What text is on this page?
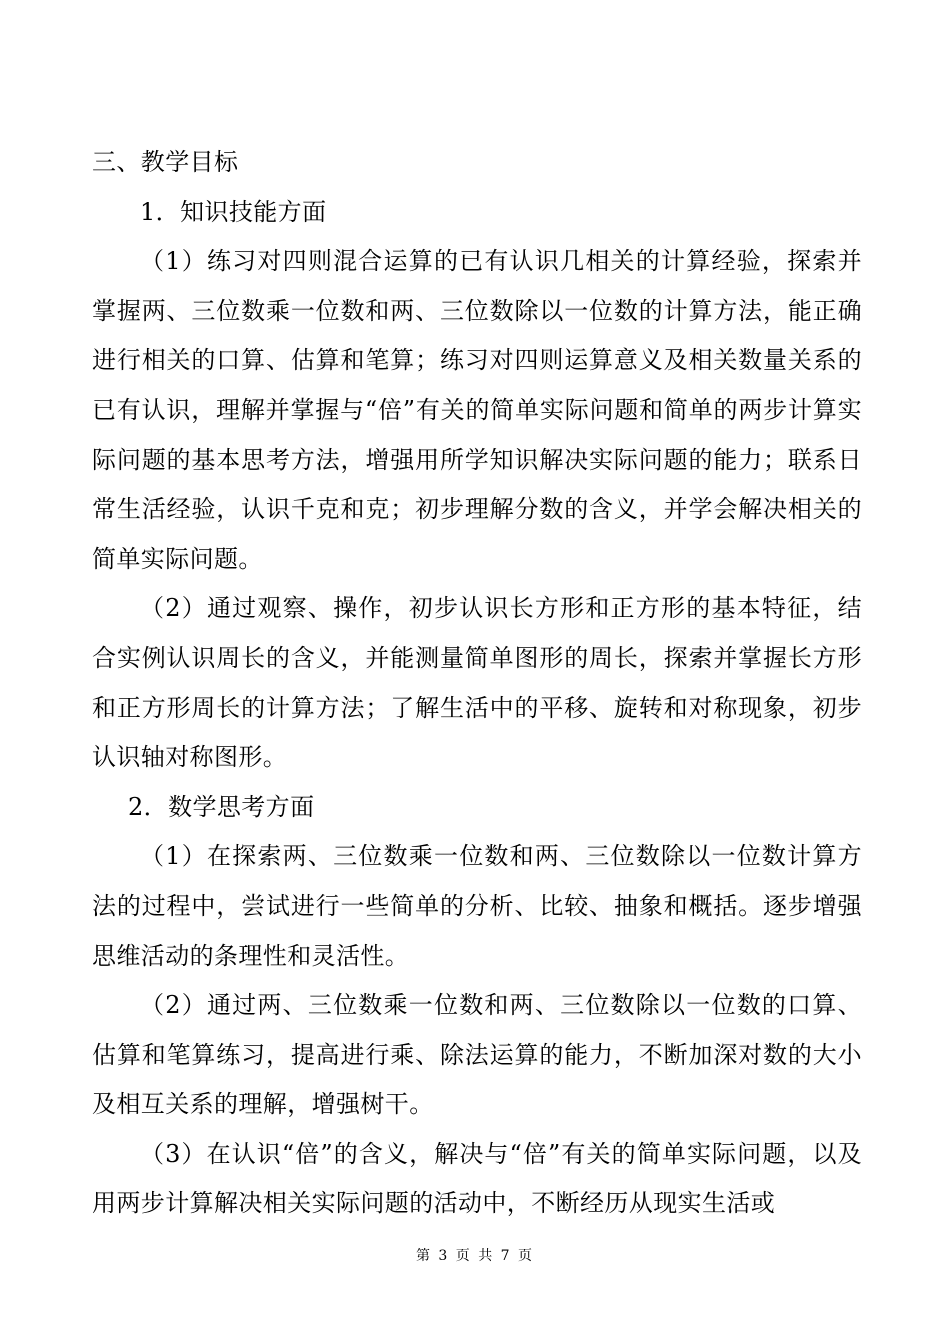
三、教学目标
1．知识技能方面

（1）练习对四则混合运算的已有认识几相关的计算经验，探索并掌握两、三位数乘一位数和两、三位数除以一位数的计算方法，能正确进行相关的口算、估算和笔算；练习对四则运算意义及相关数量关系的已有认识，理解并掌握与“倍”有关的简单实际问题和简单的两步计算实际问题的基本思考方法，增强用所学知识解决实际问题的能力；联系日常生活经验，认识千克和克；初步理解分数的含义，并学会解决相关的简单实际问题。

（2）通过观察、操作，初步认识长方形和正方形的基本特征，结合实例认识周长的含义，并能测量简单图形的周长，探索并掌握长方形和正方形周长的计算方法；了解生活中的平移、旋转和对称现象，初步认识轴对称图形。

2．数学思考方面

（1）在探索两、三位数乘一位数和两、三位数除以一位数计算方法的过程中，尝试进行一些简单的分析、比较、抽象和概括。逐步增强思维活动的条理性和灵活性。

（2）通过两、三位数乘一位数和两、三位数除以一位数的口算、估算和笔算练习，提高进行乘、除法运算的能力，不断加深对数的大小及相互关系的理解，增强树干。

（3）在认识“倍”的含义，解决与“倍”有关的简单实际问题，以及用两步计算解决相关实际问题的活动中，不断经历从现实生活或

第 3 页 共 7 页
